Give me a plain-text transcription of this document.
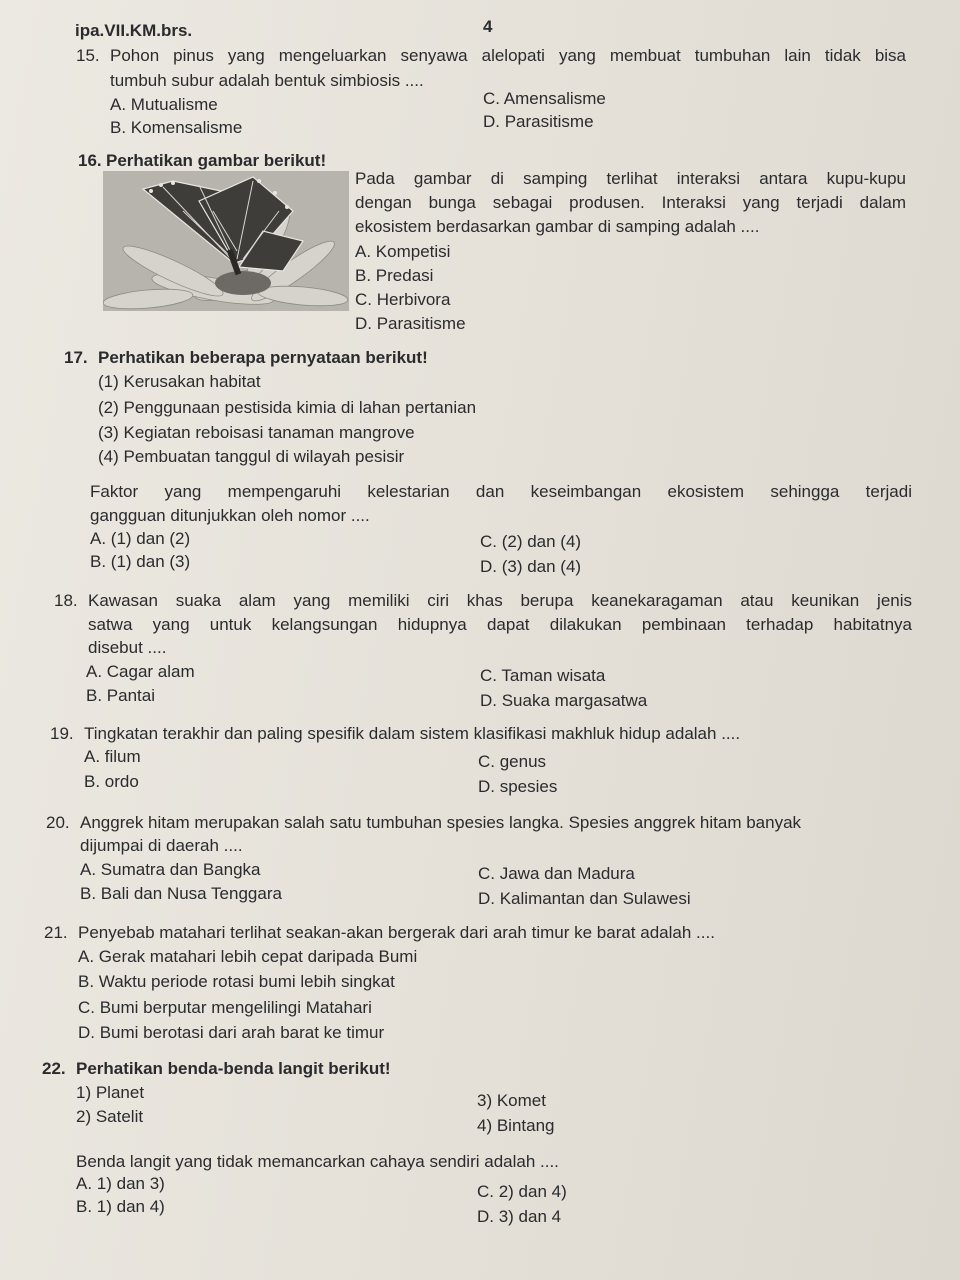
ipa.VII.KM.brs.	4
15. Pohon pinus yang mengeluarkan senyawa alelopati yang membuat tumbuhan lain tidak bisa
tumbuh subur adalah bentuk simbiosis ....
A. Mutualisme
B. Komensalisme
C. Amensalisme
D. Parasitisme
16. Perhatikan gambar berikut!
Pada gambar di samping terlihat interaksi antara kupu-kupu
dengan bunga sebagai produsen. Interaksi yang terjadi dalam
ekosistem berdasarkan gambar di samping adalah ....
A. Kompetisi
B. Predasi
C. Herbivora
D. Parasitisme
17. Perhatikan beberapa pernyataan berikut!
(1) Kerusakan habitat
(2) Penggunaan pestisida kimia di lahan pertanian
(3) Kegiatan reboisasi tanaman mangrove
(4) Pembuatan tanggul di wilayah pesisir
Faktor yang mempengaruhi kelestarian dan keseimbangan ekosistem sehingga terjadi
gangguan ditunjukkan oleh nomor ....
A. (1) dan (2)
B. (1) dan (3)
C. (2) dan (4)
D. (3) dan (4)
18. Kawasan suaka alam yang memiliki ciri khas berupa keanekaragaman atau keunikan jenis
satwa yang untuk kelangsungan hidupnya dapat dilakukan pembinaan terhadap habitatnya
disebut ....
A. Cagar alam
B. Pantai
C. Taman wisata
D. Suaka margasatwa
19. Tingkatan terakhir dan paling spesifik dalam sistem klasifikasi makhluk hidup adalah ....
A. filum
B. ordo
C. genus
D. spesies
20. Anggrek hitam merupakan salah satu tumbuhan spesies langka. Spesies anggrek hitam banyak
dijumpai di daerah ....
A. Sumatra dan Bangka
B. Bali dan Nusa Tenggara
C. Jawa dan Madura
D. Kalimantan dan Sulawesi
21. Penyebab matahari terlihat seakan-akan bergerak dari arah timur ke barat adalah ....
A. Gerak matahari lebih cepat daripada Bumi
B. Waktu periode rotasi bumi lebih singkat
C. Bumi berputar mengelilingi Matahari
D. Bumi berotasi dari arah barat ke timur
22. Perhatikan benda-benda langit berikut!
1) Planet
2) Satelit
3) Komet
4) Bintang
Benda langit yang tidak memancarkan cahaya sendiri adalah ....
A. 1) dan 3)
B. 1) dan 4)
C. 2) dan 4)
D. 3) dan 4
